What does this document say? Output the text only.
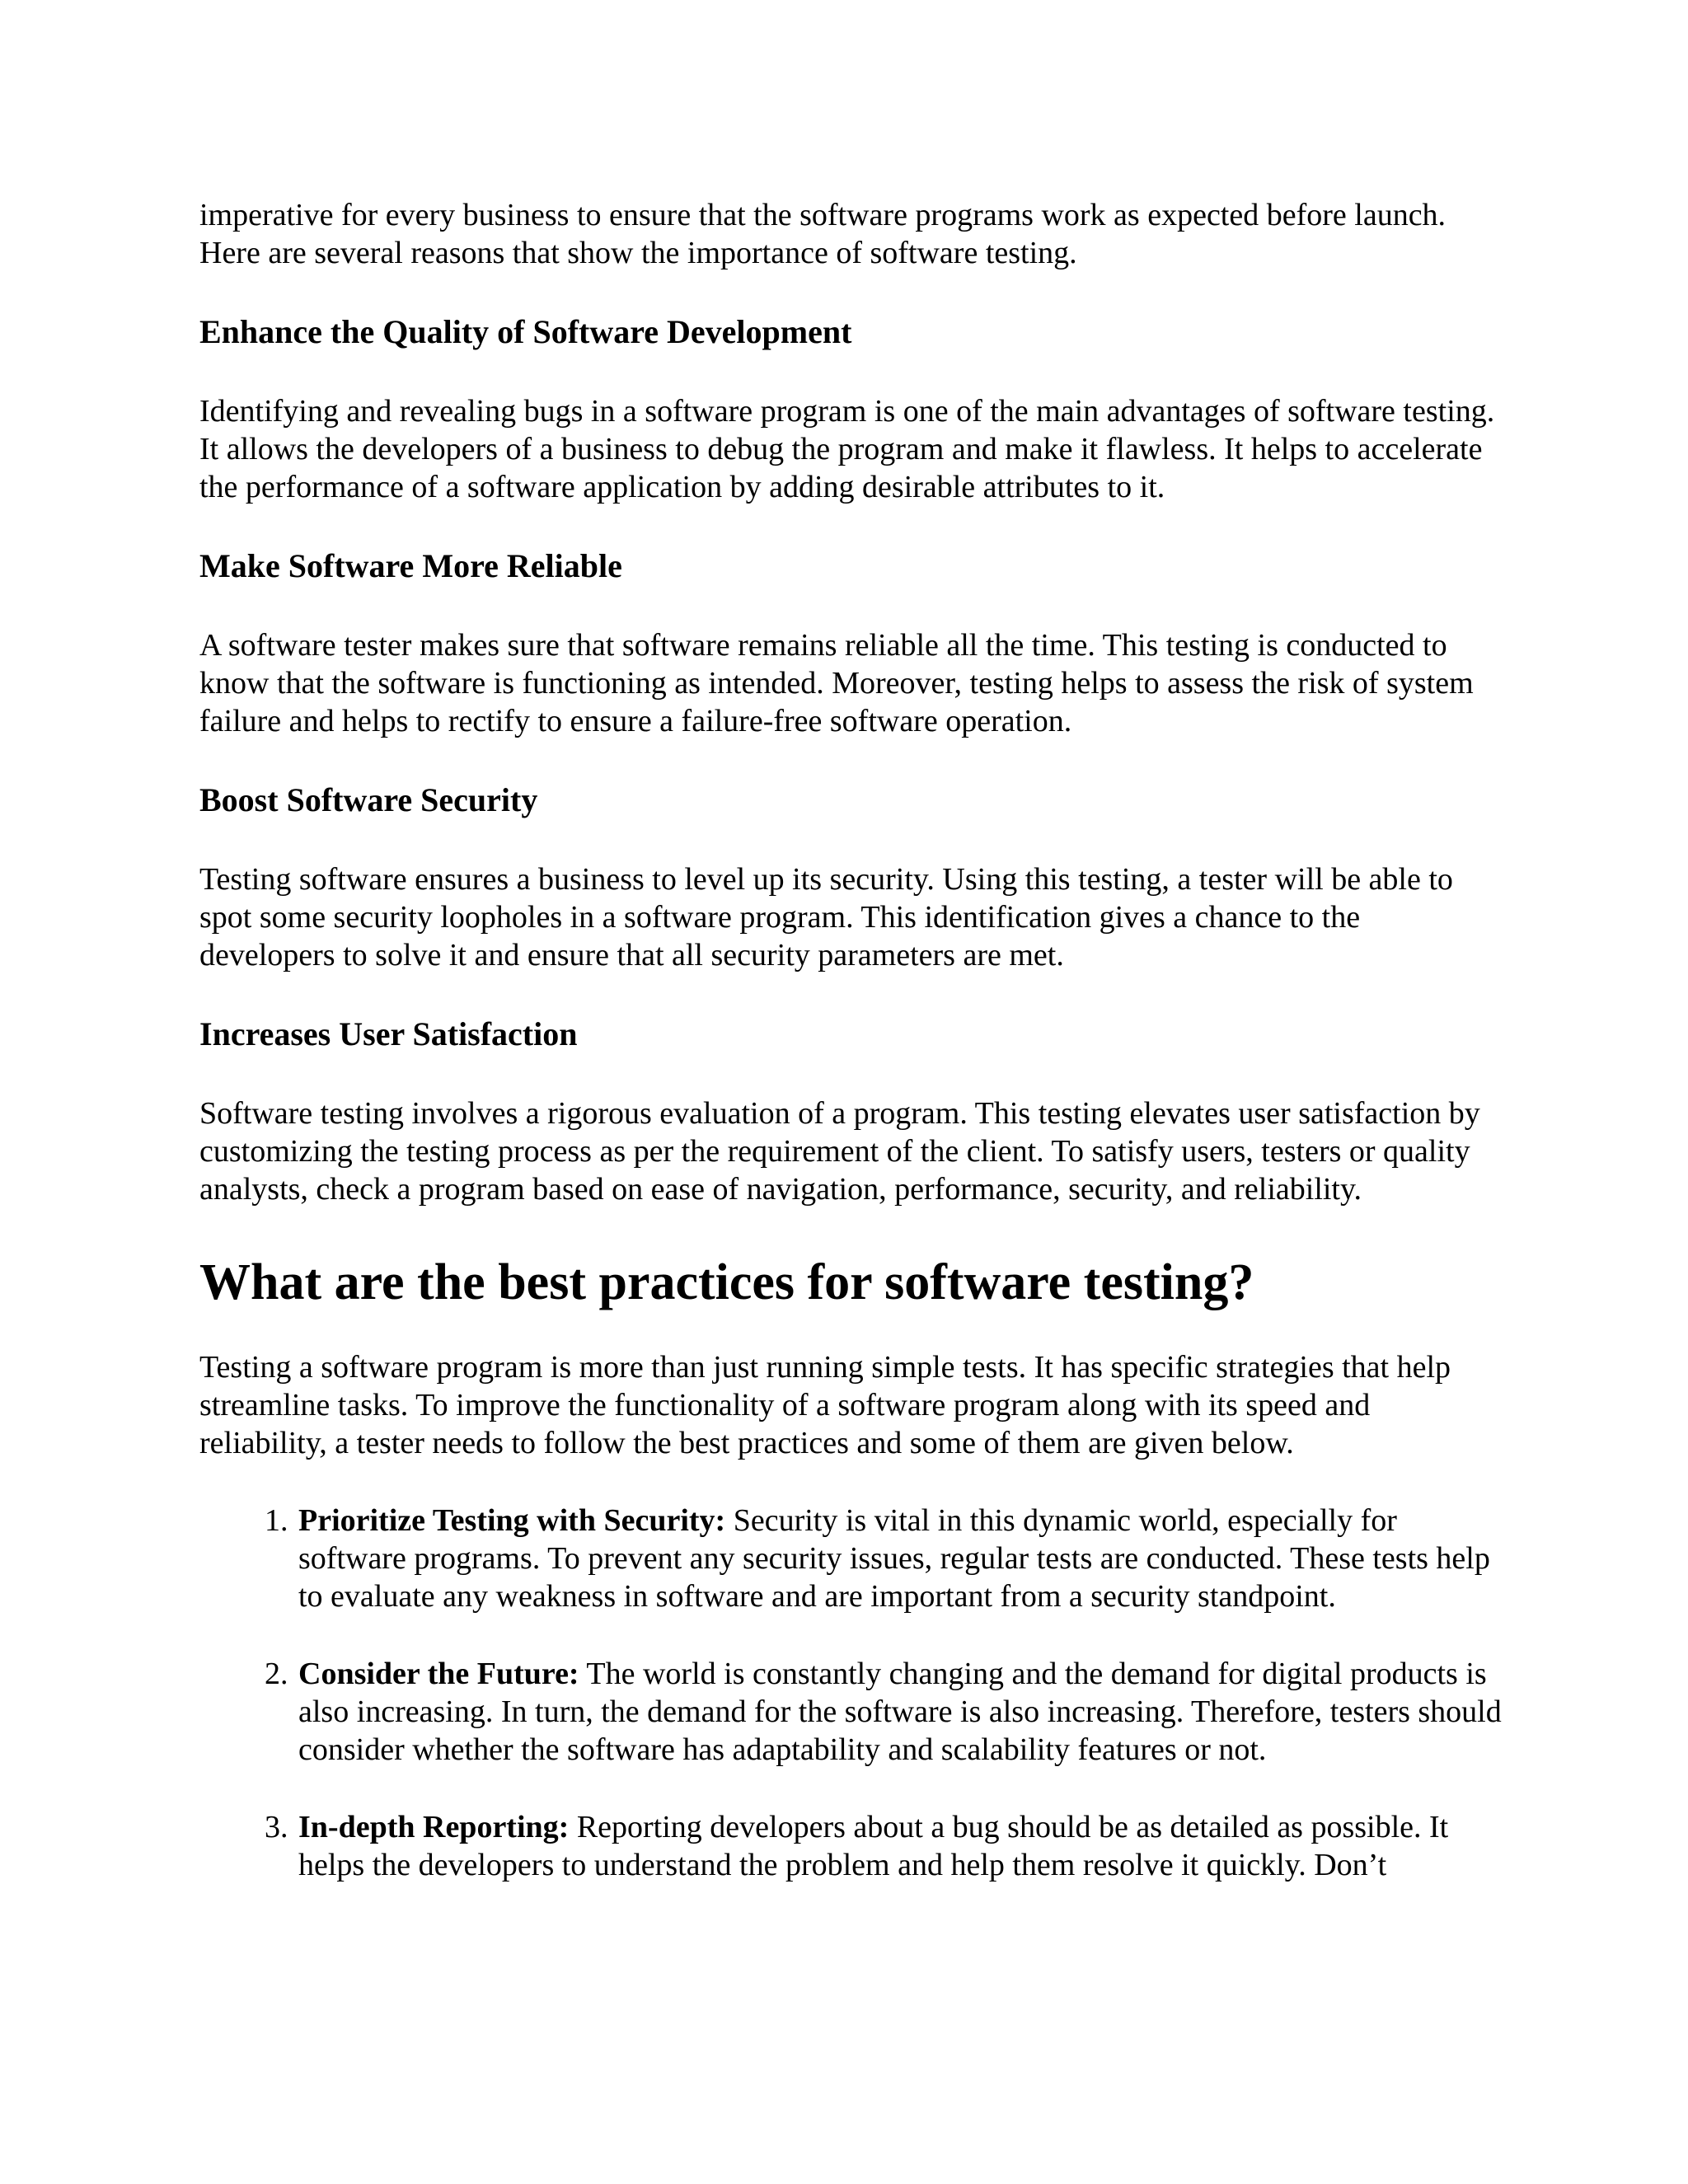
imperative for every business to ensure that the software programs work as expected before launch. Here are several reasons that show the importance of software testing.

Enhance the Quality of Software Development

Identifying and revealing bugs in a software program is one of the main advantages of software testing. It allows the developers of a business to debug the program and make it flawless. It helps to accelerate the performance of a software application by adding desirable attributes to it.

Make Software More Reliable

A software tester makes sure that software remains reliable all the time. This testing is conducted to know that the software is functioning as intended. Moreover, testing helps to assess the risk of system failure and helps to rectify to ensure a failure-free software operation.

Boost Software Security

Testing software ensures a business to level up its security. Using this testing, a tester will be able to spot some security loopholes in a software program. This identification gives a chance to the developers to solve it and ensure that all security parameters are met.

Increases User Satisfaction

Software testing involves a rigorous evaluation of a program. This testing elevates user satisfaction by customizing the testing process as per the requirement of the client. To satisfy users, testers or quality analysts, check a program based on ease of navigation, performance, security, and reliability.

What are the best practices for software testing?

Testing a software program is more than just running simple tests. It has specific strategies that help streamline tasks. To improve the functionality of a software program along with its speed and reliability, a tester needs to follow the best practices and some of them are given below.

1. Prioritize Testing with Security: Security is vital in this dynamic world, especially for software programs. To prevent any security issues, regular tests are conducted. These tests help to evaluate any weakness in software and are important from a security standpoint.
2. Consider the Future: The world is constantly changing and the demand for digital products is also increasing. In turn, the demand for the software is also increasing. Therefore, testers should consider whether the software has adaptability and scalability features or not.
3. In-depth Reporting: Reporting developers about a bug should be as detailed as possible. It helps the developers to understand the problem and help them resolve it quickly. Don’t
